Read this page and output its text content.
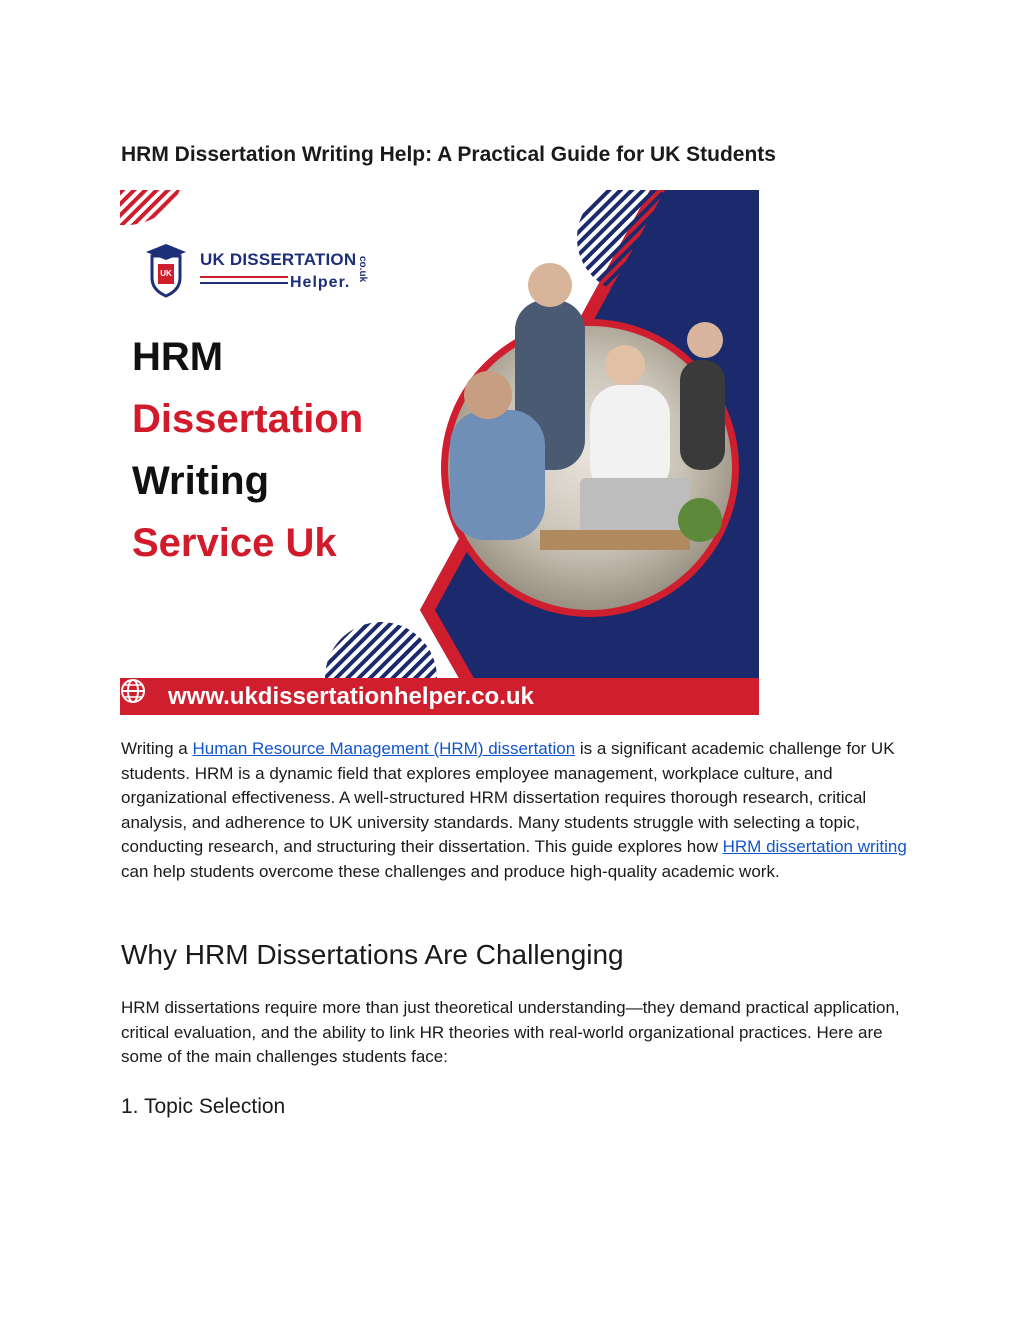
HRM Dissertation Writing Help: A Practical Guide for UK Students
UK
UK DISSERTATION
Helper.
co.uk
HRM
Dissertation
Writing
Service Uk
www.ukdissertationhelper.co.uk

Writing a Human Resource Management (HRM) dissertation is a significant academic challenge for UK students. HRM is a dynamic field that explores employee management, workplace culture, and organizational effectiveness. A well-structured HRM dissertation requires thorough research, critical analysis, and adherence to UK university standards. Many students struggle with selecting a topic, conducting research, and structuring their dissertation. This guide explores how HRM dissertation writing can help students overcome these challenges and produce high-quality academic work.

Why HRM Dissertations Are Challenging

HRM dissertations require more than just theoretical understanding—they demand practical application, critical evaluation, and the ability to link HR theories with real-world organizational practices. Here are some of the main challenges students face:

1. Topic Selection
